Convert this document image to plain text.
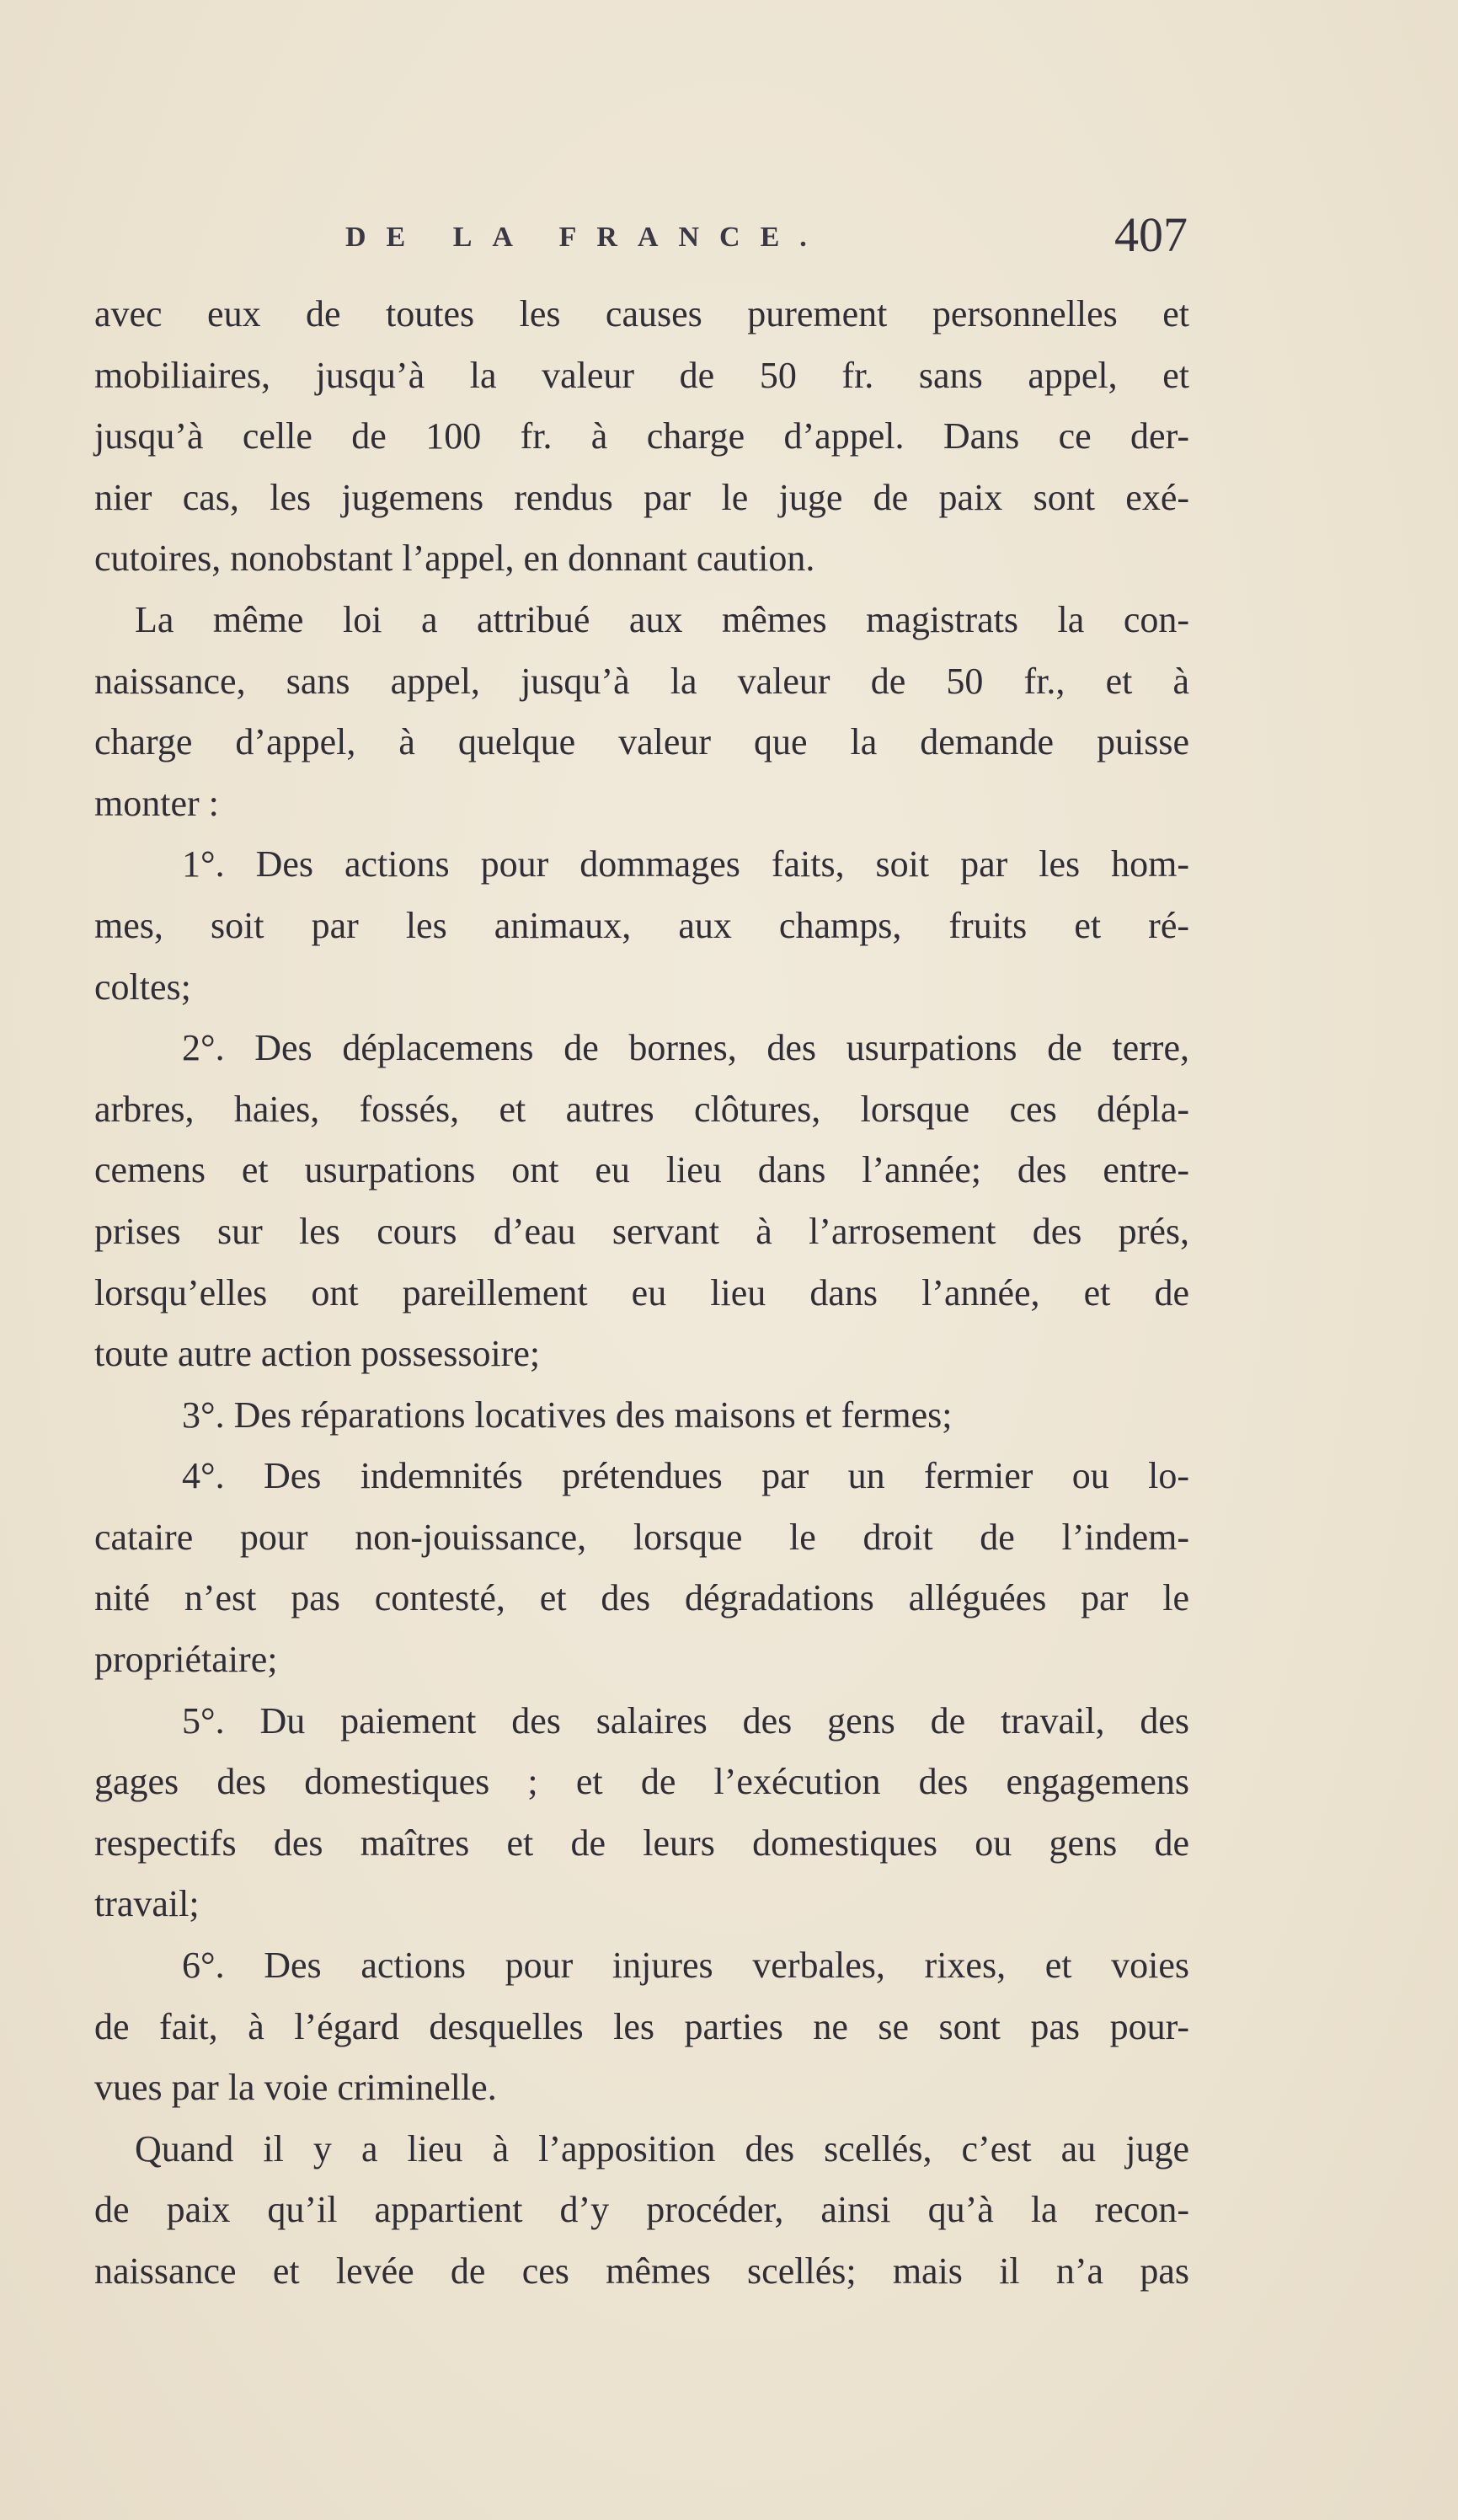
DE LA FRANCE.	407
avec eux de toutes les causes purement personnelles et
mobiliaires, jusqu’à la valeur de 50 fr. sans appel, et
jusqu’à celle de 100 fr. à charge d’appel. Dans ce der-
nier cas, les jugemens rendus par le juge de paix sont exé-
cutoires, nonobstant l’appel, en donnant caution.
La même loi a attribué aux mêmes magistrats la con-
naissance, sans appel, jusqu’à la valeur de 50 fr., et à
charge d’appel, à quelque valeur que la demande puisse
monter :
1°. Des actions pour dommages faits, soit par les hom-
mes, soit par les animaux, aux champs, fruits et ré-
coltes;
2°. Des déplacemens de bornes, des usurpations de terre,
arbres, haies, fossés, et autres clôtures, lorsque ces dépla-
cemens et usurpations ont eu lieu dans l’année; des entre-
prises sur les cours d’eau servant à l’arrosement des prés,
lorsqu’elles ont pareillement eu lieu dans l’année, et de
toute autre action possessoire;
3°. Des réparations locatives des maisons et fermes;
4°. Des indemnités prétendues par un fermier ou lo-
cataire pour non-jouissance, lorsque le droit de l’indem-
nité n’est pas contesté, et des dégradations alléguées par le
propriétaire;
5°. Du paiement des salaires des gens de travail, des
gages des domestiques ; et de l’exécution des engagemens
respectifs des maîtres et de leurs domestiques ou gens de
travail;
6°. Des actions pour injures verbales, rixes, et voies
de fait, à l’égard desquelles les parties ne se sont pas pour-
vues par la voie criminelle.
Quand il y a lieu à l’apposition des scellés, c’est au juge
de paix qu’il appartient d’y procéder, ainsi qu’à la recon-
naissance et levée de ces mêmes scellés; mais il n’a pas
